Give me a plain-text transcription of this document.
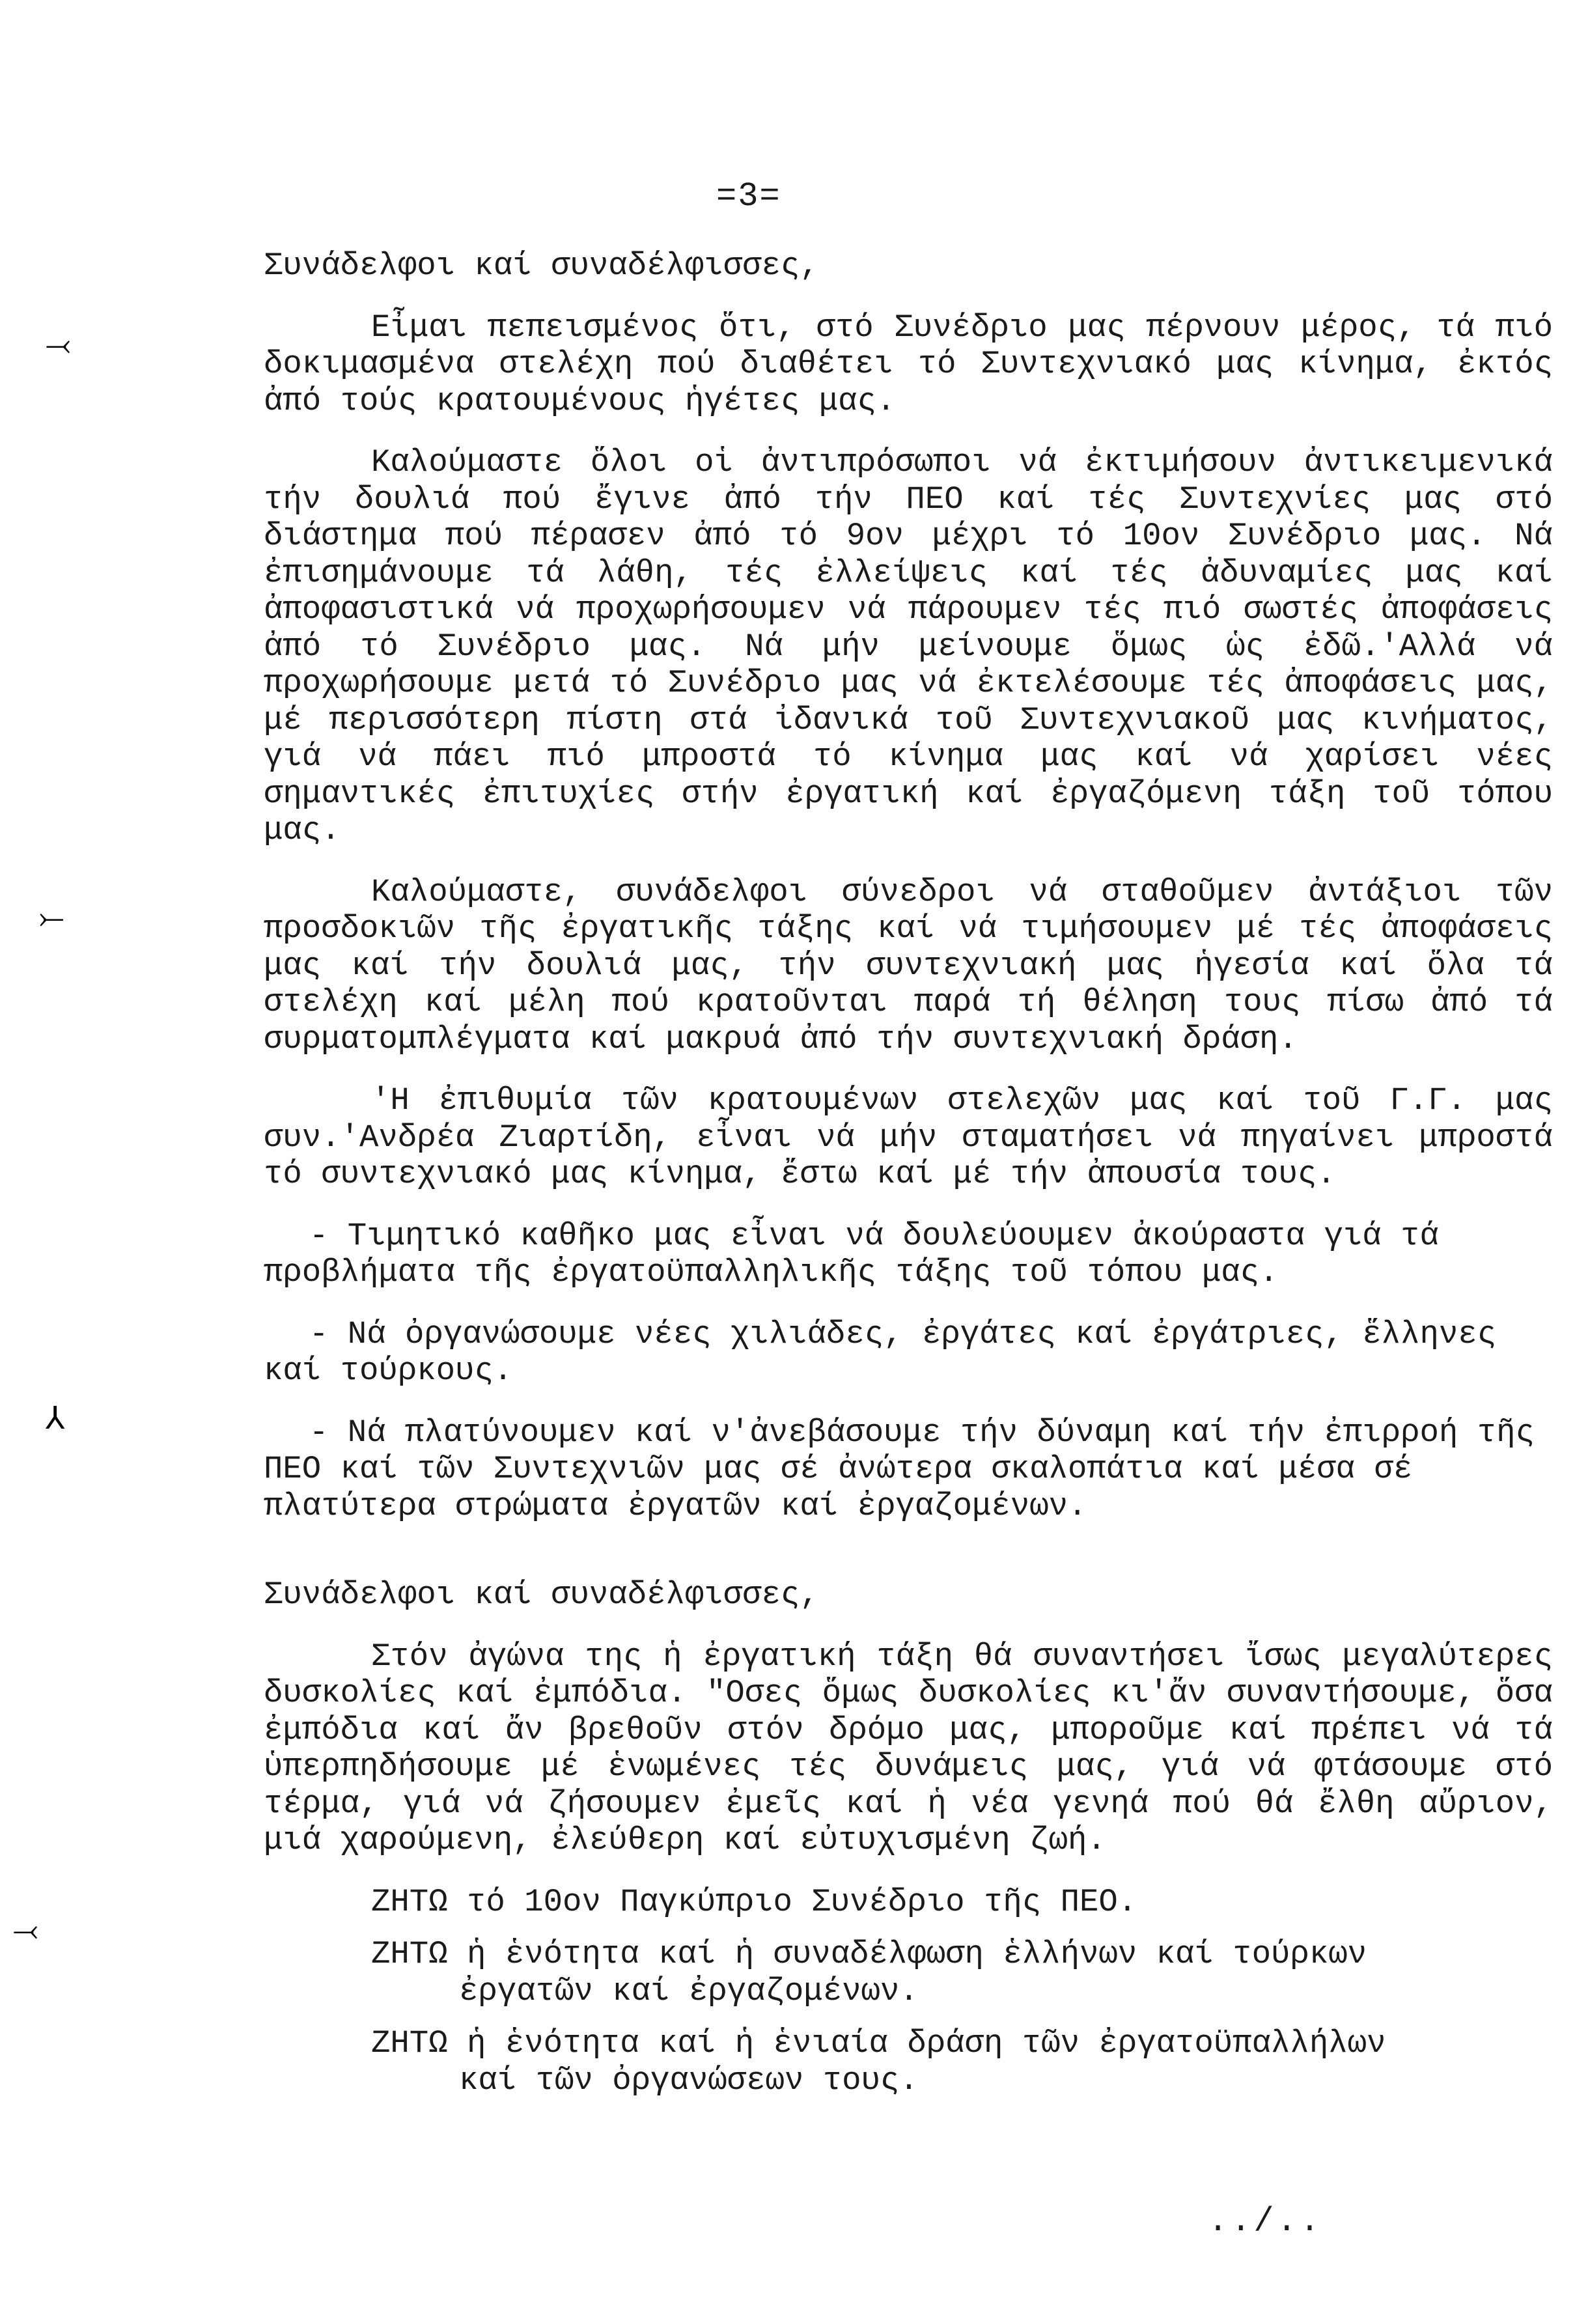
=3=

Συνάδελφοι καί συναδέλφισσες,

Εἶμαι πεπεισμένος ὅτι, στό Συνέδριο μας πέρνουν μέρος, τά πιό δοκιμασμένα στελέχη πού διαθέτει τό Συντεχνιακό μας κίνημα, ἐκτός ἀπό τούς κρατουμένους ἡγέτες μας.

Καλούμαστε ὅλοι οἱ ἀντιπρόσωποι νά ἐκτιμήσουν ἀντικειμενικά τήν δουλιά πού ἔγινε ἀπό τήν ΠΕΟ καί τές Συντεχνίες μας στό διάστημα πού πέρασεν ἀπό τό 9ον μέχρι τό 10ον Συνέδριο μας. Νά ἐπισημάνουμε τά λάθη, τές ἐλλείψεις καί τές ἀδυναμίες μας καί ἀποφασιστικά νά προχωρήσουμεν νά πάρουμεν τές πιό σωστές ἀποφάσεις ἀπό τό Συνέδριο μας. Νά μήν μείνουμε ὅμως ὡς ἐδῶ.'Αλλά νά προχωρήσουμε μετά τό Συνέδριο μας νά ἐκτελέσουμε τές ἀποφάσεις μας, μέ περισσότερη πίστη στά ἰδανικά τοῦ Συντεχνιακοῦ μας κινήματος, γιά νά πάει πιό μπροστά τό κίνημα μας καί νά χαρίσει νέες σημαντικές ἐπιτυχίες στήν ἐργατική καί ἐργαζόμενη τάξη τοῦ τόπου μας.

Καλούμαστε, συνάδελφοι σύνεδροι νά σταθοῦμεν ἀντάξιοι τῶν προσδοκιῶν τῆς ἐργατικῆς τάξης καί νά τιμήσουμεν μέ τές ἀποφάσεις μας καί τήν δουλιά μας, τήν συντεχνιακή μας ἡγεσία καί ὅλα τά στελέχη καί μέλη πού κρατοῦνται παρά τή θέληση τους πίσω ἀπό τά συρματομπλέγματα καί μακρυά ἀπό τήν συντεχνιακή δράση.

'Η ἐπιθυμία τῶν κρατουμένων στελεχῶν μας καί τοῦ Γ.Γ. μας συν.'Ανδρέα Ζιαρτίδη, εἶναι νά μήν σταματήσει νά πηγαίνει μπροστά τό συντεχνιακό μας κίνημα, ἔστω καί μέ τήν ἀπουσία τους.

- Τιμητικό καθῆκο μας εἶναι νά δουλεύουμεν ἀκούραστα γιά τά προβλήματα τῆς ἐργατοϋπαλληλικῆς τάξης τοῦ τόπου μας.

- Νά ὀργανώσουμε νέες χιλιάδες, ἐργάτες καί ἐργάτριες, ἕλληνες καί τούρκους.

- Νά πλατύνουμεν καί ν'ἀνεβάσουμε τήν δύναμη καί τήν ἐπιρροή τῆς ΠΕΟ καί τῶν Συντεχνιῶν μας σέ ἀνώτερα σκαλοπάτια καί μέσα σέ πλατύτερα στρώματα ἐργατῶν καί ἐργαζομένων.

Συνάδελφοι καί συναδέλφισσες,

Στόν ἀγώνα της ἡ ἐργατική τάξη θά συναντήσει ἴσως μεγαλύτερες δυσκολίες καί ἐμπόδια. "Οσες ὅμως δυσκολίες κι'ἄν συναντήσουμε, ὅσα ἐμπόδια καί ἄν βρεθοῦν στόν δρόμο μας, μποροῦμε καί πρέπει νά τά ὑπερπηδήσουμε μέ ἑνωμένες τές δυνάμεις μας, γιά νά φτάσουμε στό τέρμα, γιά νά ζήσουμεν ἐμεῖς καί ἡ νέα γενηά πού θά ἔλθη αὔριον, μιά χαρούμενη, ἐλεύθερη καί εὐτυχισμένη ζωή.

ΖΗΤΩ τό 10ον Παγκύπριο Συνέδριο τῆς ΠΕΟ.

ΖΗΤΩ ἡ ἑνότητα καί ἡ συναδέλφωση ἑλλήνων καί τούρκων
ἐργατῶν καί ἐργαζομένων.

ΖΗΤΩ ἡ ἑνότητα καί ἡ ἑνιαία δράση τῶν ἐργατοϋπαλλήλων
καί τῶν ὀργανώσεων τους.

../..
⤙
⤚
⅄
⤙
